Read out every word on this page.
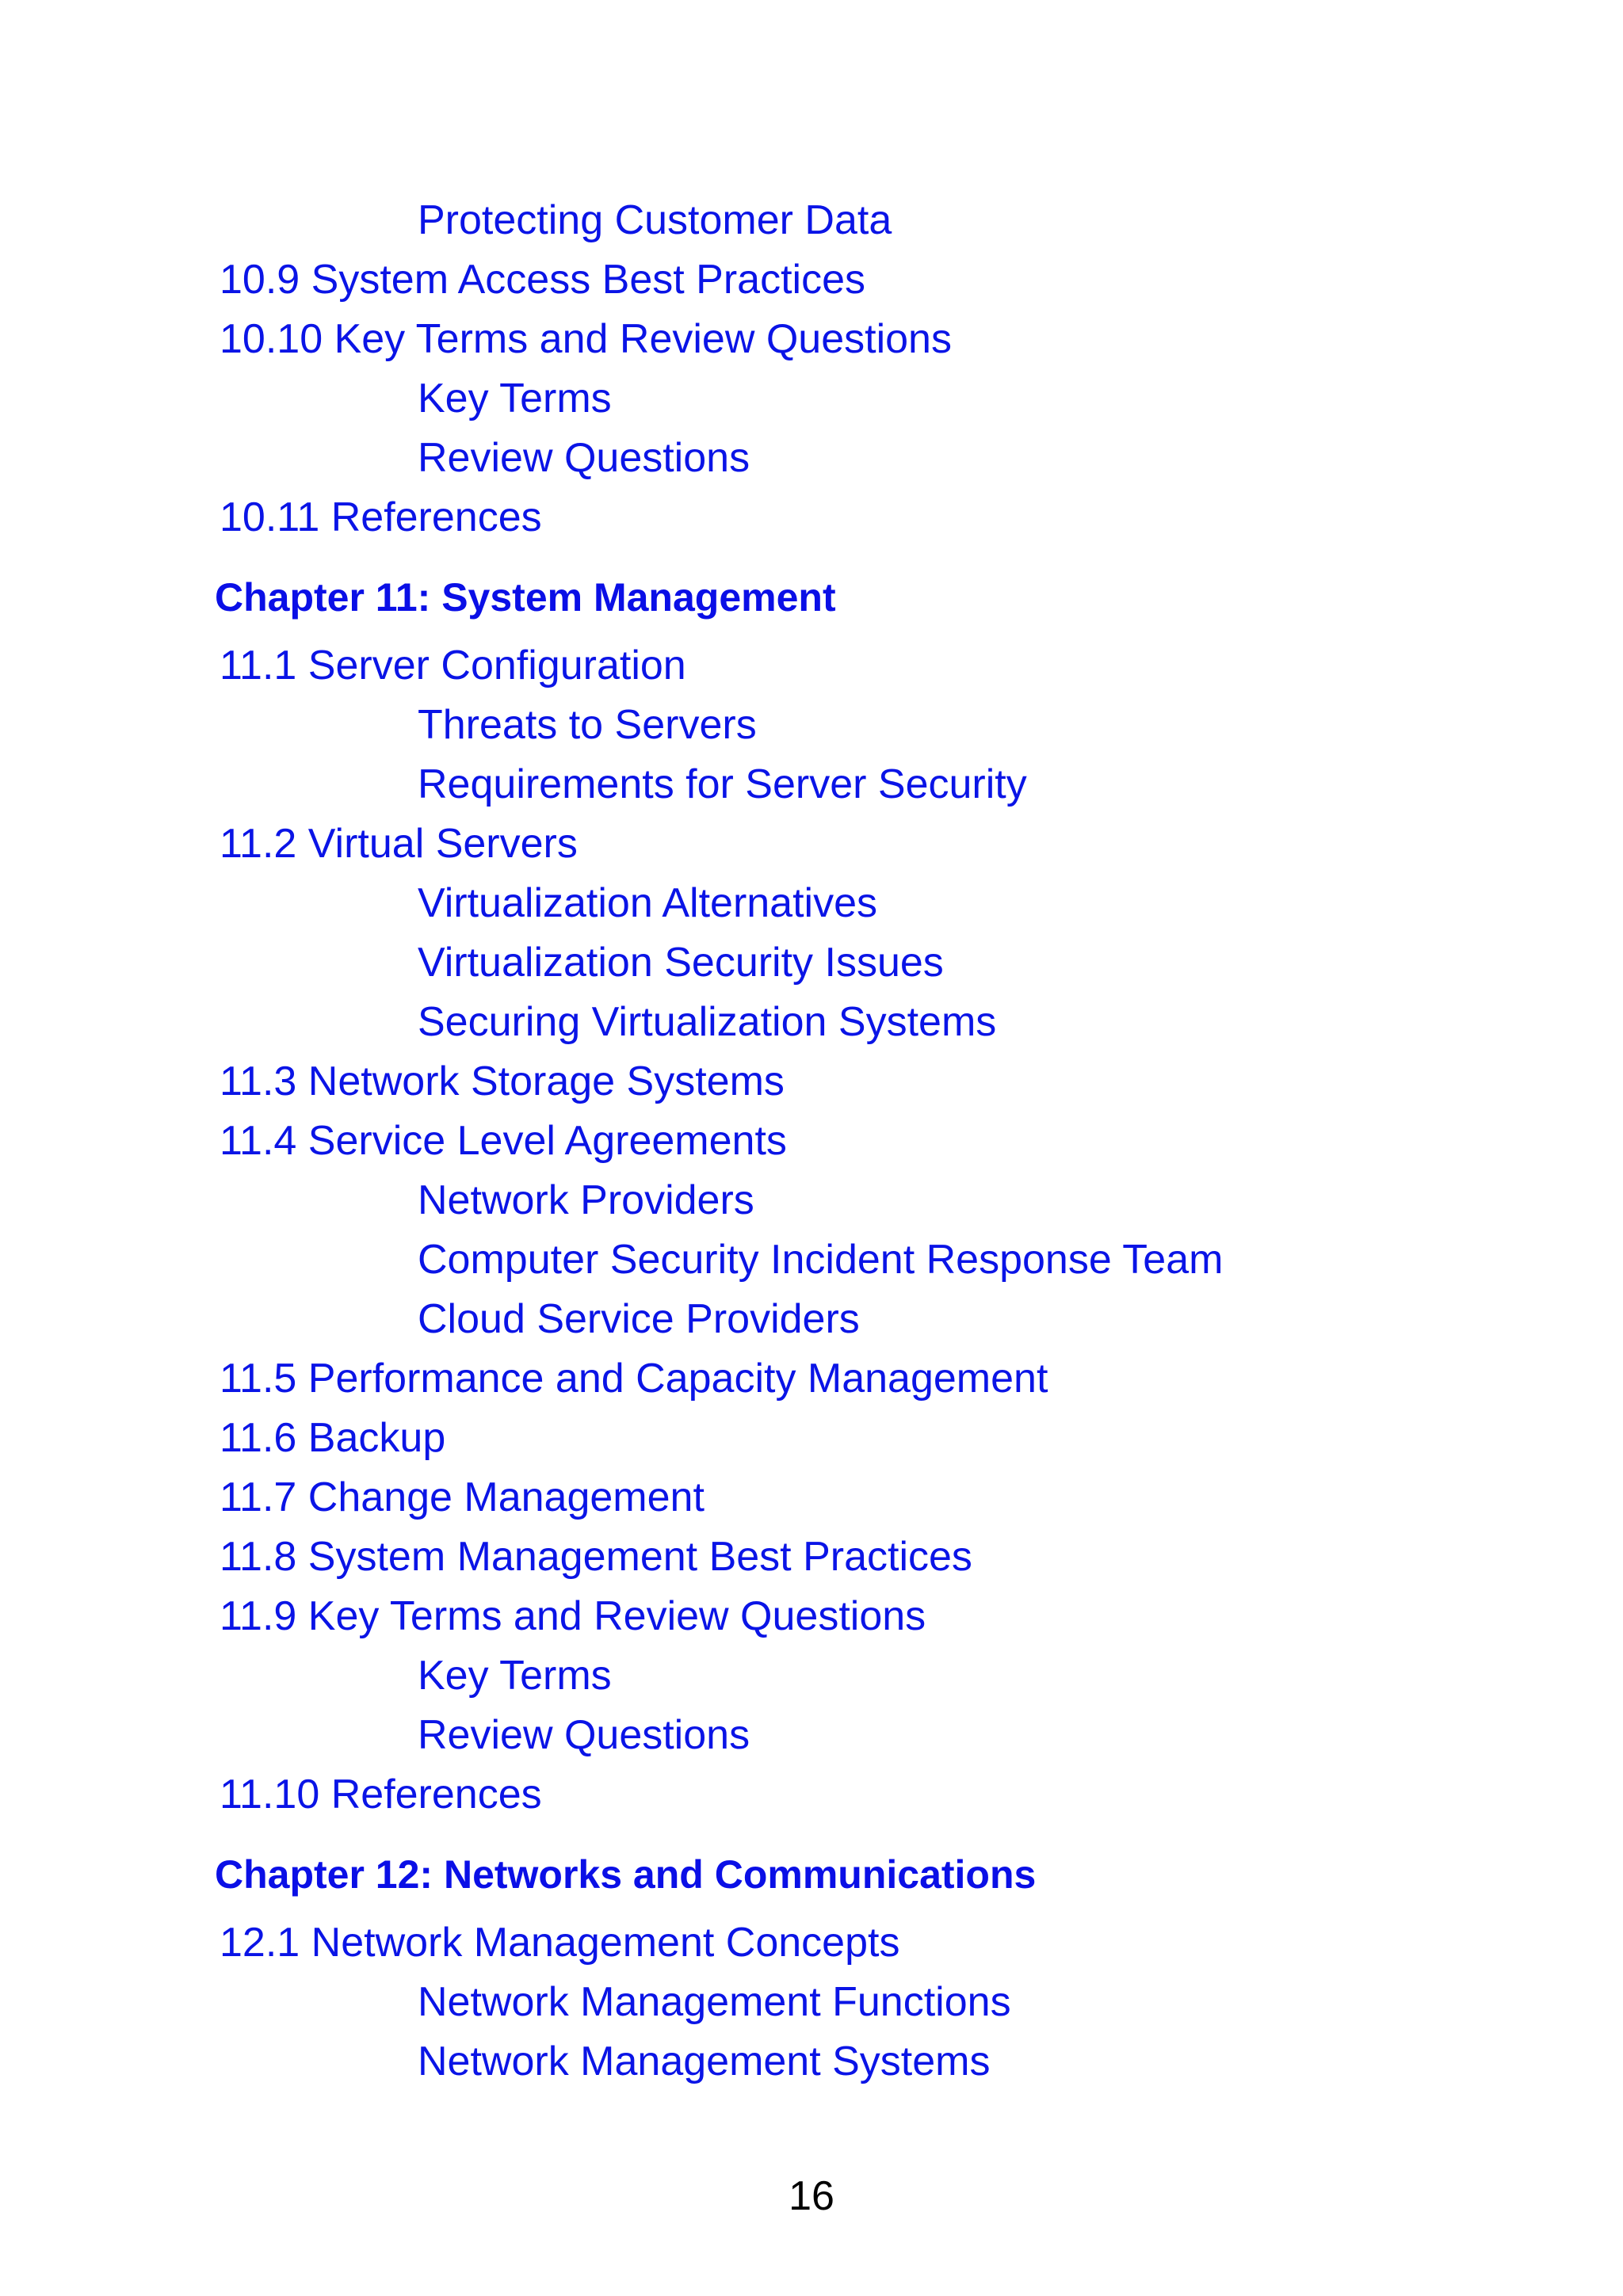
Protecting Customer Data
10.9 System Access Best Practices
10.10 Key Terms and Review Questions
Key Terms
Review Questions
10.11 References
Chapter 11: System Management
11.1 Server Configuration
Threats to Servers
Requirements for Server Security
11.2 Virtual Servers
Virtualization Alternatives
Virtualization Security Issues
Securing Virtualization Systems
11.3 Network Storage Systems
11.4 Service Level Agreements
Network Providers
Computer Security Incident Response Team
Cloud Service Providers
11.5 Performance and Capacity Management
11.6 Backup
11.7 Change Management
11.8 System Management Best Practices
11.9 Key Terms and Review Questions
Key Terms
Review Questions
11.10 References
Chapter 12: Networks and Communications
12.1 Network Management Concepts
Network Management Functions
Network Management Systems
16
